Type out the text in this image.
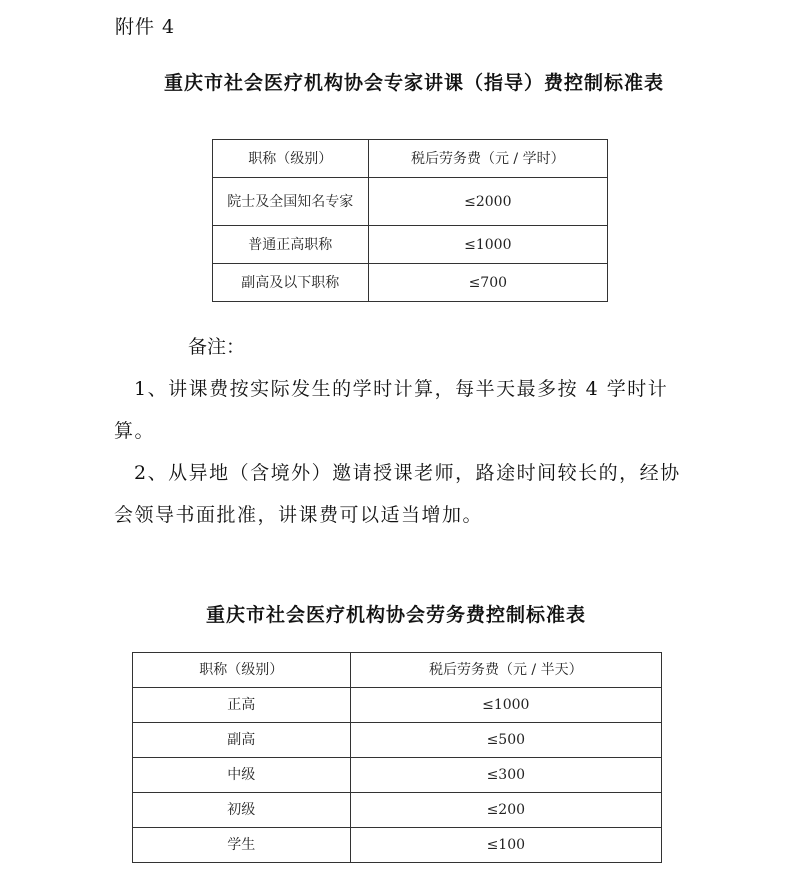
附件 4
重庆市社会医疗机构协会专家讲课（指导）费控制标准表
职称（级别）	税后劳务费（元 / 学时）
院士及全国知名专家	≤2000
普通正高职称	≤1000
副高及以下职称	≤700
备注：

1、讲课费按实际发生的学时计算，每半天最多按 4 学时计算。

2、从异地（含境外）邀请授课老师，路途时间较长的，经协会领导书面批准，讲课费可以适当增加。

重庆市社会医疗机构协会劳务费控制标准表
职称（级别）	税后劳务费（元 / 半天）
正高	≤1000
副高	≤500
中级	≤300
初级	≤200
学生	≤100
